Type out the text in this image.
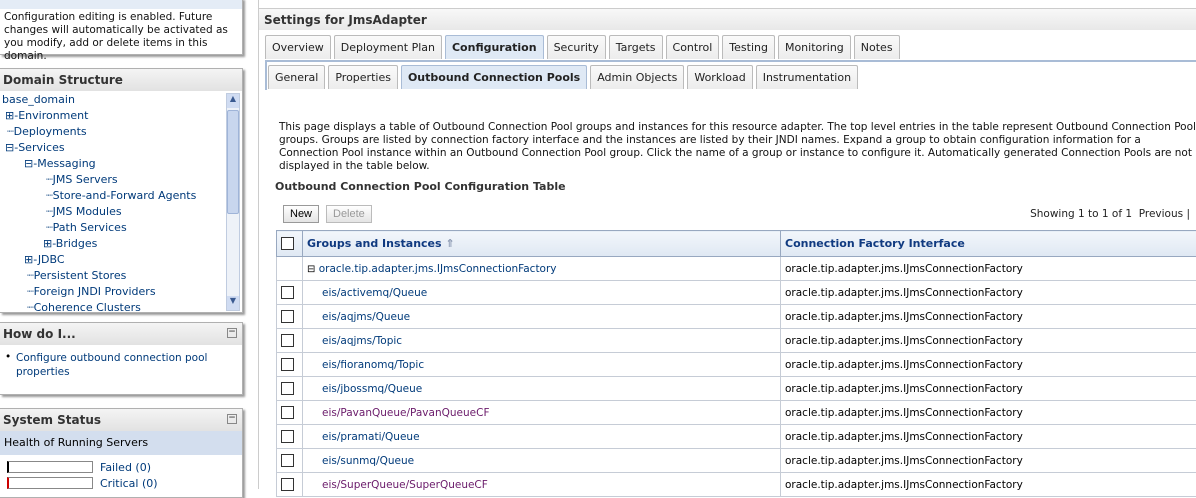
Configuration editing is enabled. Future changes will automatically be activated as you modify, add or delete items in this domain.
Domain Structure
base_domain
⊞-Environment
┈Deployments
⊟-Services
⊟-Messaging
┈JMS Servers
┈Store-and-Forward Agents
┈JMS Modules
┈Path Services
⊞-Bridges
⊞-JDBC
┈Persistent Stores
┈Foreign JNDI Providers
┈Coherence Clusters
▲
▼
How do I...	−
• Configure outbound connection pool properties
System Status	−
Health of Running Servers
Failed (0)
Critical (0)
Settings for JmsAdapter
Overview	Deployment Plan	Configuration	Security	Targets	Control	Testing	Monitoring	Notes
General	Properties	Outbound Connection Pools	Admin Objects	Workload	Instrumentation
This page displays a table of Outbound Connection Pool groups and instances for this resource adapter. The top level entries in the table represent Outbound Connection Pool groups. Groups are listed by connection factory interface and the instances are listed by their JNDI names. Expand a group to obtain configuration information for a Connection Pool instance within an Outbound Connection Pool group. Click the name of a group or instance to configure it. Automatically generated Connection Pools are not displayed in the table below.
Outbound Connection Pool Configuration Table
New	Delete	Showing 1 to 1 of 1 Previous |
	Groups and Instances ⇑	Connection Factory Interface
	⊟ oracle.tip.adapter.jms.IJmsConnectionFactory	oracle.tip.adapter.jms.IJmsConnectionFactory
	eis/activemq/Queue	oracle.tip.adapter.jms.IJmsConnectionFactory
	eis/aqjms/Queue	oracle.tip.adapter.jms.IJmsConnectionFactory
	eis/aqjms/Topic	oracle.tip.adapter.jms.IJmsConnectionFactory
	eis/fioranomq/Topic	oracle.tip.adapter.jms.IJmsConnectionFactory
	eis/jbossmq/Queue	oracle.tip.adapter.jms.IJmsConnectionFactory
	eis/PavanQueue/PavanQueueCF	oracle.tip.adapter.jms.IJmsConnectionFactory
	eis/pramati/Queue	oracle.tip.adapter.jms.IJmsConnectionFactory
	eis/sunmq/Queue	oracle.tip.adapter.jms.IJmsConnectionFactory
	eis/SuperQueue/SuperQueueCF	oracle.tip.adapter.jms.IJmsConnectionFactory
